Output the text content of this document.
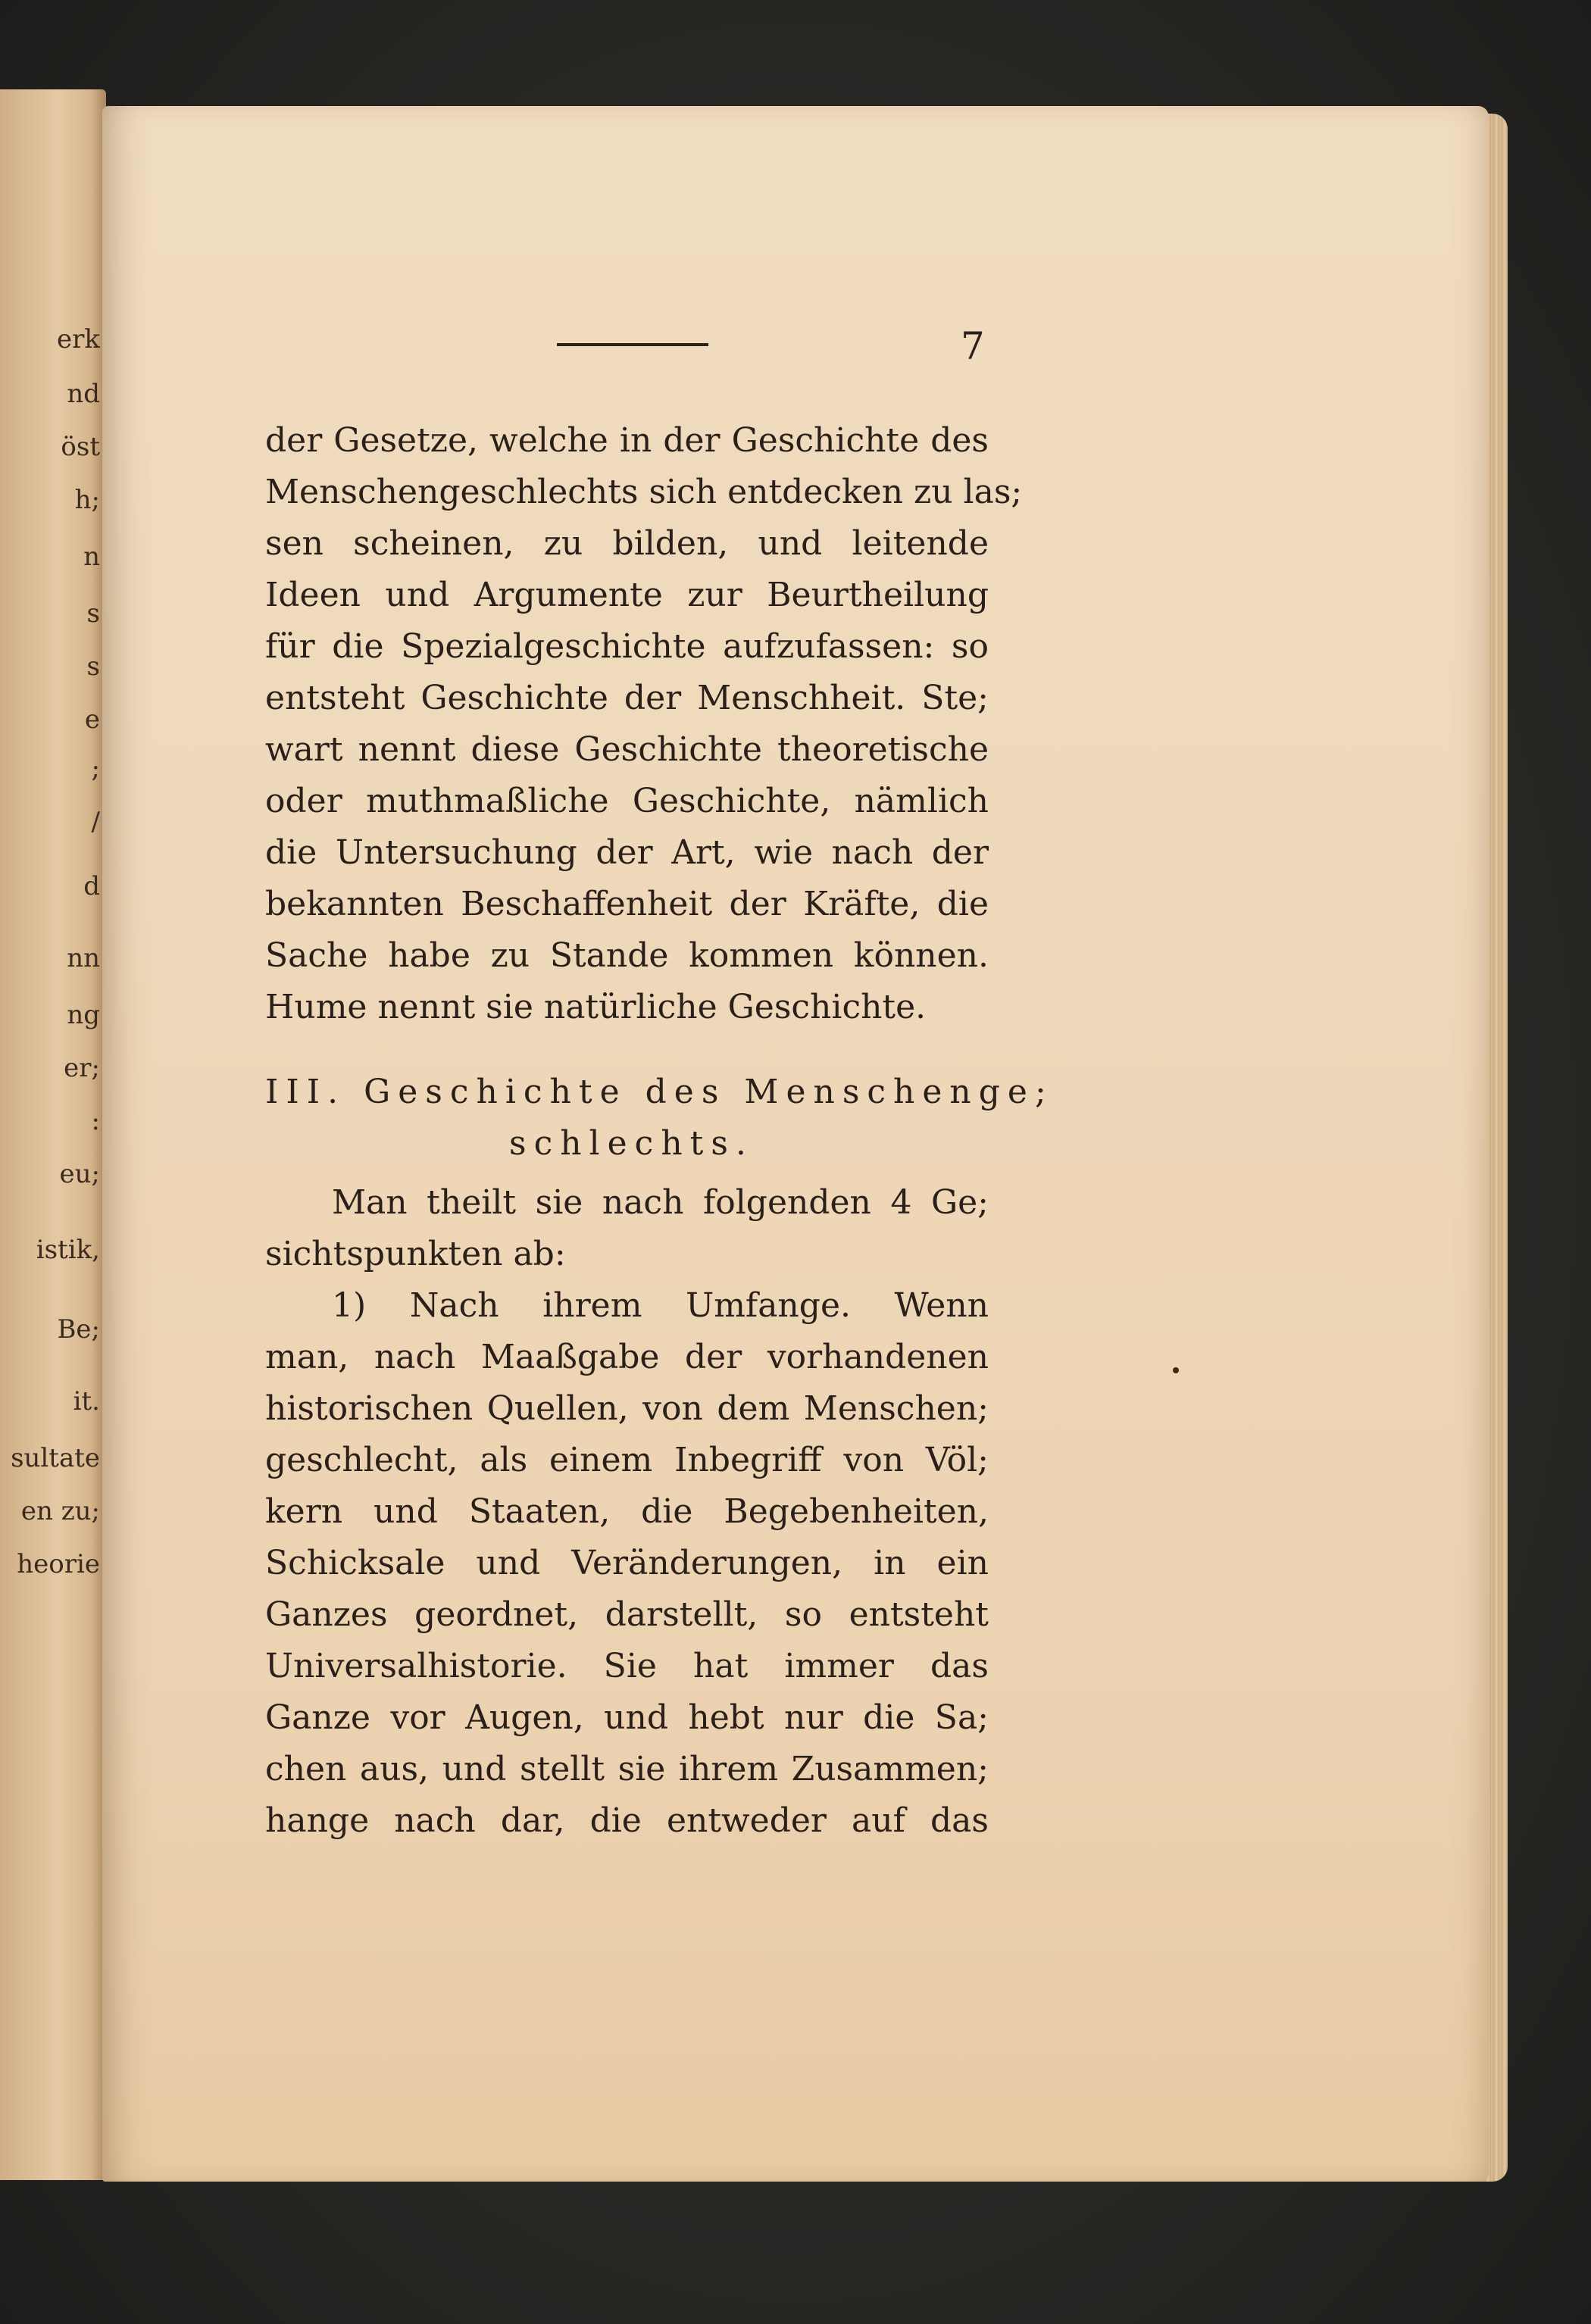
erk
nd
öst
h;
n
s
s
e
;
/
d
nn
ng
er;
:
eu;
istik,
Be;
it.
sultate
en zu;
heorie
7
der Gesetze, welche in der Geschichte des
Menschengeschlechts sich entdecken zu las;
sen scheinen, zu bilden, und leitende
Ideen und Argumente zur Beurtheilung
für die Spezialgeschichte aufzufassen: so
entsteht Geschichte der Menschheit. Ste;
wart nennt diese Geschichte theoretische
oder muthmaßliche Geschichte, nämlich
die Untersuchung der Art, wie nach der
bekannten Beschaffenheit der Kräfte, die
Sache habe zu Stande kommen können.
Hume nennt sie natürliche Geschichte.
III. Geschichte des Menschenge;
schlechts.
Man theilt sie nach folgenden 4 Ge;
sichtspunkten ab:
1) Nach ihrem Umfange. Wenn
man, nach Maaßgabe der vorhandenen
historischen Quellen, von dem Menschen;
geschlecht, als einem Inbegriff von Völ;
kern und Staaten, die Begebenheiten,
Schicksale und Veränderungen, in ein
Ganzes geordnet, darstellt, so entsteht
Universalhistorie. Sie hat immer das
Ganze vor Augen, und hebt nur die Sa;
chen aus, und stellt sie ihrem Zusammen;
hange nach dar, die entweder auf das
